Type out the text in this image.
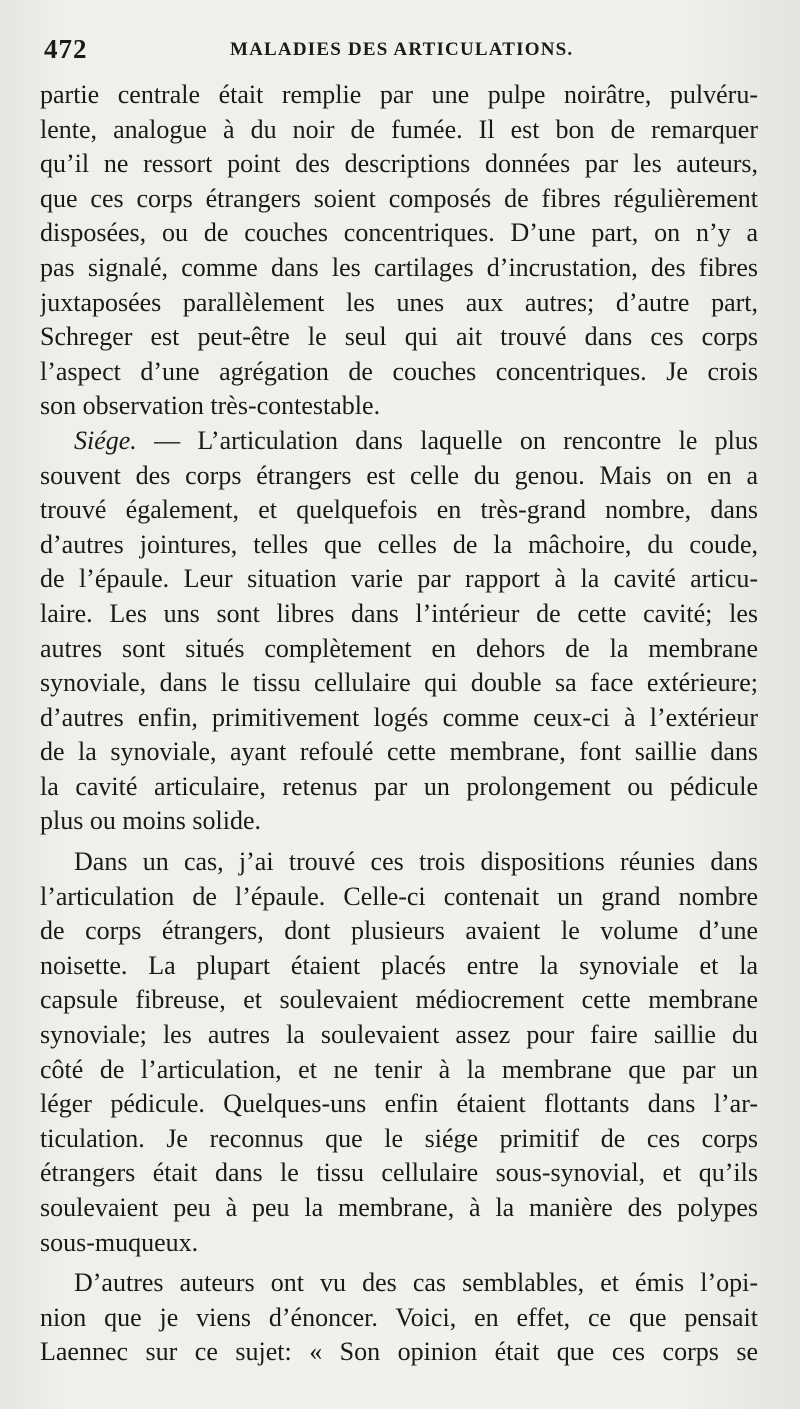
472	MALADIES DES ARTICULATIONS.
partie centrale était remplie par une pulpe noirâtre, pulvéru-
lente, analogue à du noir de fumée. Il est bon de remarquer
qu’il ne ressort point des descriptions données par les auteurs,
que ces corps étrangers soient composés de fibres régulièrement
disposées, ou de couches concentriques. D’une part, on n’y a
pas signalé, comme dans les cartilages d’incrustation, des fibres
juxtaposées parallèlement les unes aux autres; d’autre part,
Schreger est peut-être le seul qui ait trouvé dans ces corps
l’aspect d’une agrégation de couches concentriques. Je crois
son observation très-contestable.
Siége. — L’articulation dans laquelle on rencontre le plus
souvent des corps étrangers est celle du genou. Mais on en a
trouvé également, et quelquefois en très-grand nombre, dans
d’autres jointures, telles que celles de la mâchoire, du coude,
de l’épaule. Leur situation varie par rapport à la cavité articu-
laire. Les uns sont libres dans l’intérieur de cette cavité; les
autres sont situés complètement en dehors de la membrane
synoviale, dans le tissu cellulaire qui double sa face extérieure;
d’autres enfin, primitivement logés comme ceux-ci à l’extérieur
de la synoviale, ayant refoulé cette membrane, font saillie dans
la cavité articulaire, retenus par un prolongement ou pédicule
plus ou moins solide.
Dans un cas, j’ai trouvé ces trois dispositions réunies dans
l’articulation de l’épaule. Celle-ci contenait un grand nombre
de corps étrangers, dont plusieurs avaient le volume d’une
noisette. La plupart étaient placés entre la synoviale et la
capsule fibreuse, et soulevaient médiocrement cette membrane
synoviale; les autres la soulevaient assez pour faire saillie du
côté de l’articulation, et ne tenir à la membrane que par un
léger pédicule. Quelques-uns enfin étaient flottants dans l’ar-
ticulation. Je reconnus que le siége primitif de ces corps
étrangers était dans le tissu cellulaire sous-synovial, et qu’ils
soulevaient peu à peu la membrane, à la manière des polypes
sous-muqueux.
D’autres auteurs ont vu des cas semblables, et émis l’opi-
nion que je viens d’énoncer. Voici, en effet, ce que pensait
Laennec sur ce sujet: « Son opinion était que ces corps se
